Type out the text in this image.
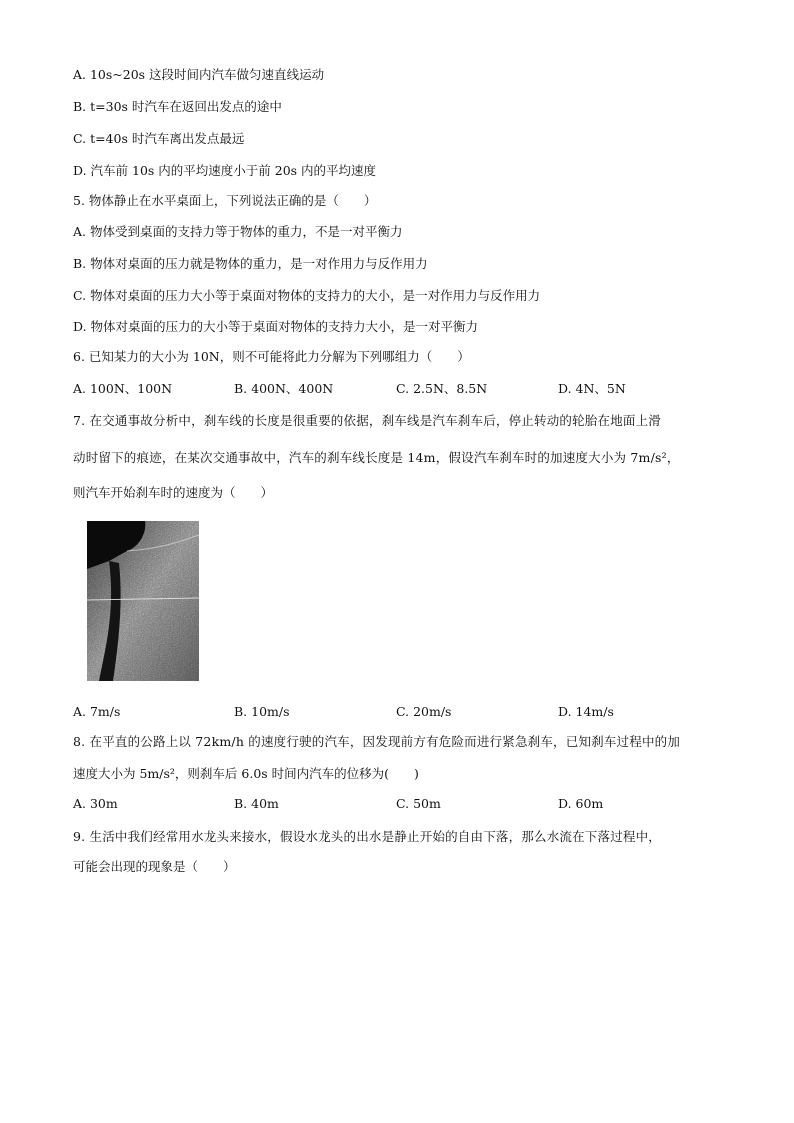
A. 10s~20s 这段时间内汽车做匀速直线运动
B. t=30s 时汽车在返回出发点的途中
C. t=40s 时汽车离出发点最远
D. 汽车前 10s 内的平均速度小于前 20s 内的平均速度
5. 物体静止在水平桌面上，下列说法正确的是（　　）
A. 物体受到桌面的支持力等于物体的重力，不是一对平衡力
B. 物体对桌面的压力就是物体的重力，是一对作用力与反作用力
C. 物体对桌面的压力大小等于桌面对物体的支持力的大小，是一对作用力与反作用力
D. 物体对桌面的压力的大小等于桌面对物体的支持力大小，是一对平衡力
6. 已知某力的大小为 10N，则不可能将此力分解为下列哪组力（　　）
A. 100N、100N	B. 400N、400N	C. 2.5N、8.5N	D. 4N、5N
7. 在交通事故分析中，刹车线的长度是很重要的依据，刹车线是汽车刹车后，停止转动的轮胎在地面上滑
动时留下的痕迹，在某次交通事故中，汽车的刹车线长度是 14m，假设汽车刹车时的加速度大小为 7m/s²，
则汽车开始刹车时的速度为（　　）
A. 7m/s	B. 10m/s	C. 20m/s	D. 14m/s
8. 在平直的公路上以 72km/h 的速度行驶的汽车，因发现前方有危险而进行紧急刹车，已知刹车过程中的加
速度大小为 5m/s²，则刹车后 6.0s 时间内汽车的位移为(　　)
A. 30m	B. 40m	C. 50m	D. 60m
9. 生活中我们经常用水龙头来接水，假设水龙头的出水是静止开始的自由下落，那么水流在下落过程中，
可能会出现的现象是（　　）
